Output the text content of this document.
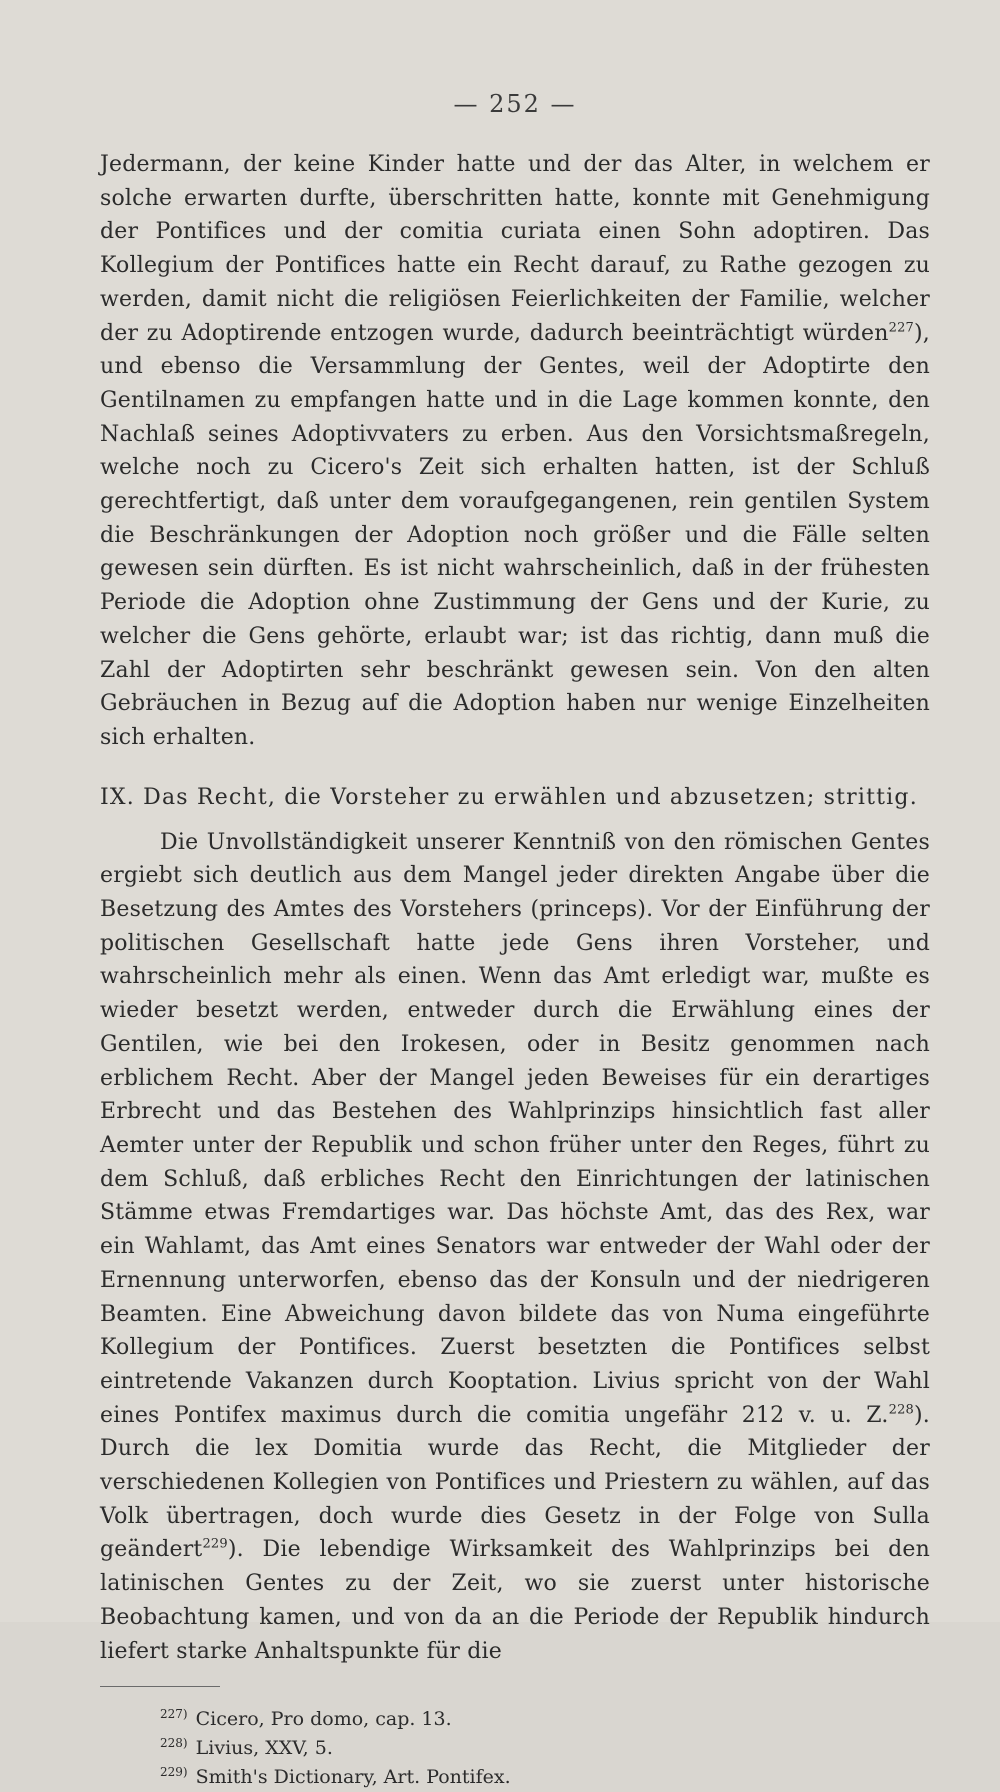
— 252 —

Jedermann, der keine Kinder hatte und der das Alter, in welchem er solche erwarten durfte, überschritten hatte, konnte mit Genehmigung der Pontifices und der comitia curiata einen Sohn adoptiren. Das Kollegium der Pontifices hatte ein Recht darauf, zu Rathe gezogen zu werden, damit nicht die religiösen Feierlichkeiten der Familie, welcher der zu Adoptirende entzogen wurde, dadurch beeinträchtigt würden$^{227}$), und ebenso die Versammlung der Gentes, weil der Adoptirte den Gentilnamen zu empfangen hatte und in die Lage kommen konnte, den Nachlaß seines Adoptivvaters zu erben. Aus den Vorsichtsmaßregeln, welche noch zu Cicero's Zeit sich erhalten hatten, ist der Schluß gerechtfertigt, daß unter dem voraufgegangenen, rein gentilen System die Beschränkungen der Adoption noch größer und die Fälle selten gewesen sein dürften. Es ist nicht wahrscheinlich, daß in der frühesten Periode die Adoption ohne Zustimmung der Gens und der Kurie, zu welcher die Gens gehörte, erlaubt war; ist das richtig, dann muß die Zahl der Adoptirten sehr beschränkt gewesen sein. Von den alten Gebräuchen in Bezug auf die Adoption haben nur wenige Einzelheiten sich erhalten.

IX. Das Recht, die Vorsteher zu erwählen und abzusetzen; strittig.

Die Unvollständigkeit unserer Kenntniß von den römischen Gentes ergiebt sich deutlich aus dem Mangel jeder direkten Angabe über die Besetzung des Amtes des Vorstehers (princeps). Vor der Einführung der politischen Gesellschaft hatte jede Gens ihren Vorsteher, und wahrscheinlich mehr als einen. Wenn das Amt erledigt war, mußte es wieder besetzt werden, entweder durch die Erwählung eines der Gentilen, wie bei den Irokesen, oder in Besitz genommen nach erblichem Recht. Aber der Mangel jeden Beweises für ein derartiges Erbrecht und das Bestehen des Wahlprinzips hinsichtlich fast aller Aemter unter der Republik und schon früher unter den Reges, führt zu dem Schluß, daß erbliches Recht den Einrichtungen der latinischen Stämme etwas Fremdartiges war. Das höchste Amt, das des Rex, war ein Wahlamt, das Amt eines Senators war entweder der Wahl oder der Ernennung unterworfen, ebenso das der Konsuln und der niedrigeren Beamten. Eine Abweichung davon bildete das von Numa eingeführte Kollegium der Pontifices. Zuerst besetzten die Pontifices selbst eintretende Vakanzen durch Kooptation. Livius spricht von der Wahl eines Pontifex maximus durch die comitia ungefähr 212 v. u. Z.$^{228}$). Durch die lex Domitia wurde das Recht, die Mitglieder der verschiedenen Kollegien von Pontifices und Priestern zu wählen, auf das Volk übertragen, doch wurde dies Gesetz in der Folge von Sulla geändert$^{229}$). Die lebendige Wirksamkeit des Wahlprinzips bei den latinischen Gentes zu der Zeit, wo sie zuerst unter historische Beobachtung kamen, und von da an die Periode der Republik hindurch liefert starke Anhaltspunkte für die

$^{227)}$ Cicero, Pro domo, cap. 13.

$^{228)}$ Livius, XXV, 5.

$^{229)}$ Smith's Dictionary, Art. Pontifex.
